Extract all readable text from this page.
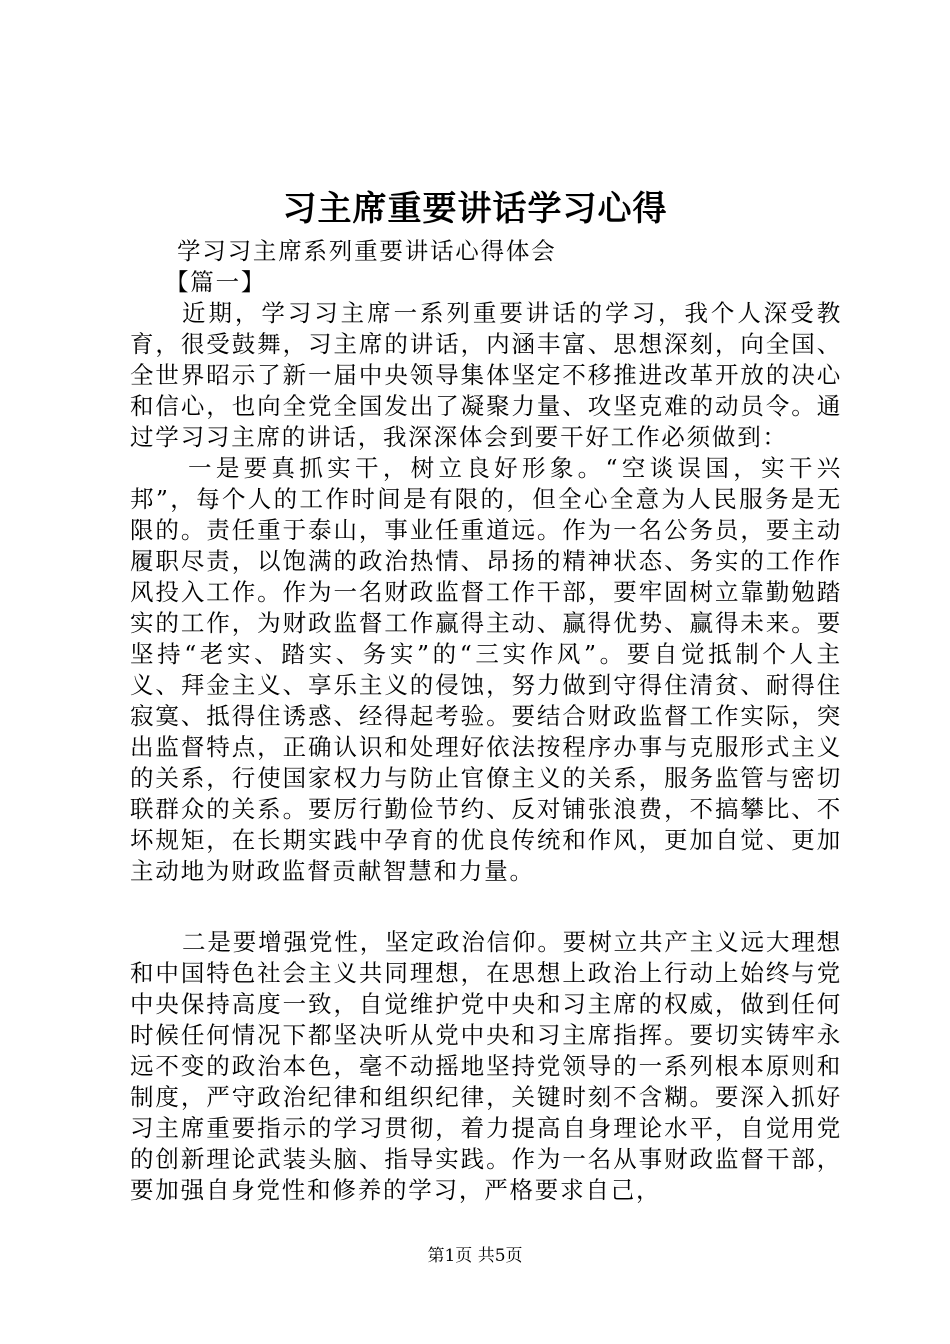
习主席重要讲话学习心得

学习习主席系列重要讲话心得体会

【篇一】

近期，学习习主席一系列重要讲话的学习，我个人深受教育，很受鼓舞，习主席的讲话，内涵丰富、思想深刻，向全国、全世界昭示了新一届中央领导集体坚定不移推进改革开放的决心和信心，也向全党全国发出了凝聚力量、攻坚克难的动员令。通过学习习主席的讲话，我深深体会到要干好工作必须做到：

一是要真抓实干，树立良好形象。“空谈误国，实干兴邦”，每个人的工作时间是有限的，但全心全意为人民服务是无限的。责任重于泰山，事业任重道远。作为一名公务员，要主动履职尽责，以饱满的政治热情、昂扬的精神状态、务实的工作作风投入工作。作为一名财政监督工作干部，要牢固树立靠勤勉踏实的工作，为财政监督工作赢得主动、赢得优势、赢得未来。要坚持“老实、踏实、务实”的“三实作风”。要自觉抵制个人主义、拜金主义、享乐主义的侵蚀，努力做到守得住清贫、耐得住寂寞、抵得住诱惑、经得起考验。要结合财政监督工作实际，突出监督特点，正确认识和处理好依法按程序办事与克服形式主义的关系，行使国家权力与防止官僚主义的关系，服务监管与密切联群众的关系。要厉行勤俭节约、反对铺张浪费，不搞攀比、不坏规矩，在长期实践中孕育的优良传统和作风，更加自觉、更加主动地为财政监督贡献智慧和力量。

二是要增强党性，坚定政治信仰。要树立共产主义远大理想和中国特色社会主义共同理想，在思想上政治上行动上始终与党中央保持高度一致，自觉维护党中央和习主席的权威，做到任何时候任何情况下都坚决听从党中央和习主席指挥。要切实铸牢永远不变的政治本色，毫不动摇地坚持党领导的一系列根本原则和制度，严守政治纪律和组织纪律，关键时刻不含糊。要深入抓好习主席重要指示的学习贯彻，着力提高自身理论水平，自觉用党的创新理论武装头脑、指导实践。作为一名从事财政监督干部，要加强自身党性和修养的学习，严格要求自己，

第1页 共5页
